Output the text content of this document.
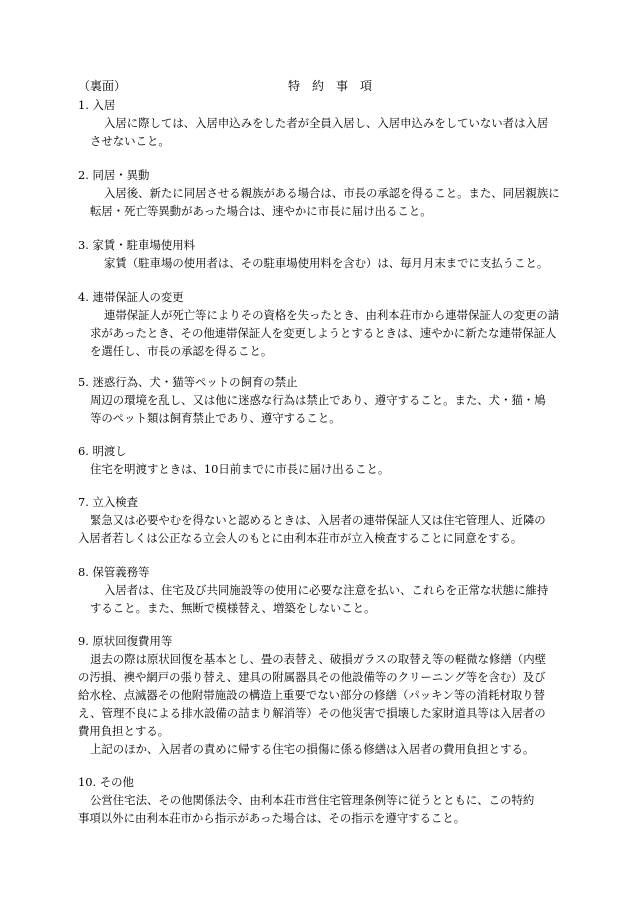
（裏面）	特約事項
1. 入居
入居に際しては、入居申込みをした者が全員入居し、入居申込みをしていない者は入居
させないこと。
2. 同居・異動
入居後、新たに同居させる親族がある場合は、市長の承認を得ること。また、同居親族に
転居・死亡等異動があった場合は、速やかに市長に届け出ること。
3. 家賃・駐車場使用料
家賃（駐車場の使用者は、その駐車場使用料を含む）は、毎月月末までに支払うこと。
4. 連帯保証人の変更
連帯保証人が死亡等によりその資格を失ったとき、由利本荘市から連帯保証人の変更の請
求があったとき、その他連帯保証人を変更しようとするときは、速やかに新たな連帯保証人
を選任し、市長の承認を得ること。
5. 迷惑行為、犬・猫等ペットの飼育の禁止
周辺の環境を乱し、又は他に迷惑な行為は禁止であり、遵守すること。また、犬・猫・鳩
等のペット類は飼育禁止であり、遵守すること。
6. 明渡し
住宅を明渡すときは、10日前までに市長に届け出ること。
7. 立入検査
緊急又は必要やむを得ないと認めるときは、入居者の連帯保証人又は住宅管理人、近隣の
入居者若しくは公正なる立会人のもとに由利本荘市が立入検査することに同意をする。
8. 保管義務等
入居者は、住宅及び共同施設等の使用に必要な注意を払い、これらを正常な状態に維持
すること。また、無断で模様替え、増築をしないこと。
9. 原状回復費用等
退去の際は原状回復を基本とし、畳の表替え、破損ガラスの取替え等の軽微な修繕（内壁
の汚損、襖や網戸の張り替え、建具の附属器具その他設備等のクリーニング等を含む）及び
給水栓、点滅器その他附帯施設の構造上重要でない部分の修繕（パッキン等の消耗材取り替
え、管理不良による排水設備の詰まり解消等）その他災害で損壊した家財道具等は入居者の
費用負担とする。
上記のほか、入居者の責めに帰する住宅の損傷に係る修繕は入居者の費用負担とする。
10. その他
公営住宅法、その他関係法令、由利本荘市営住宅管理条例等に従うとともに、この特約
事項以外に由利本荘市から指示があった場合は、その指示を遵守すること。
